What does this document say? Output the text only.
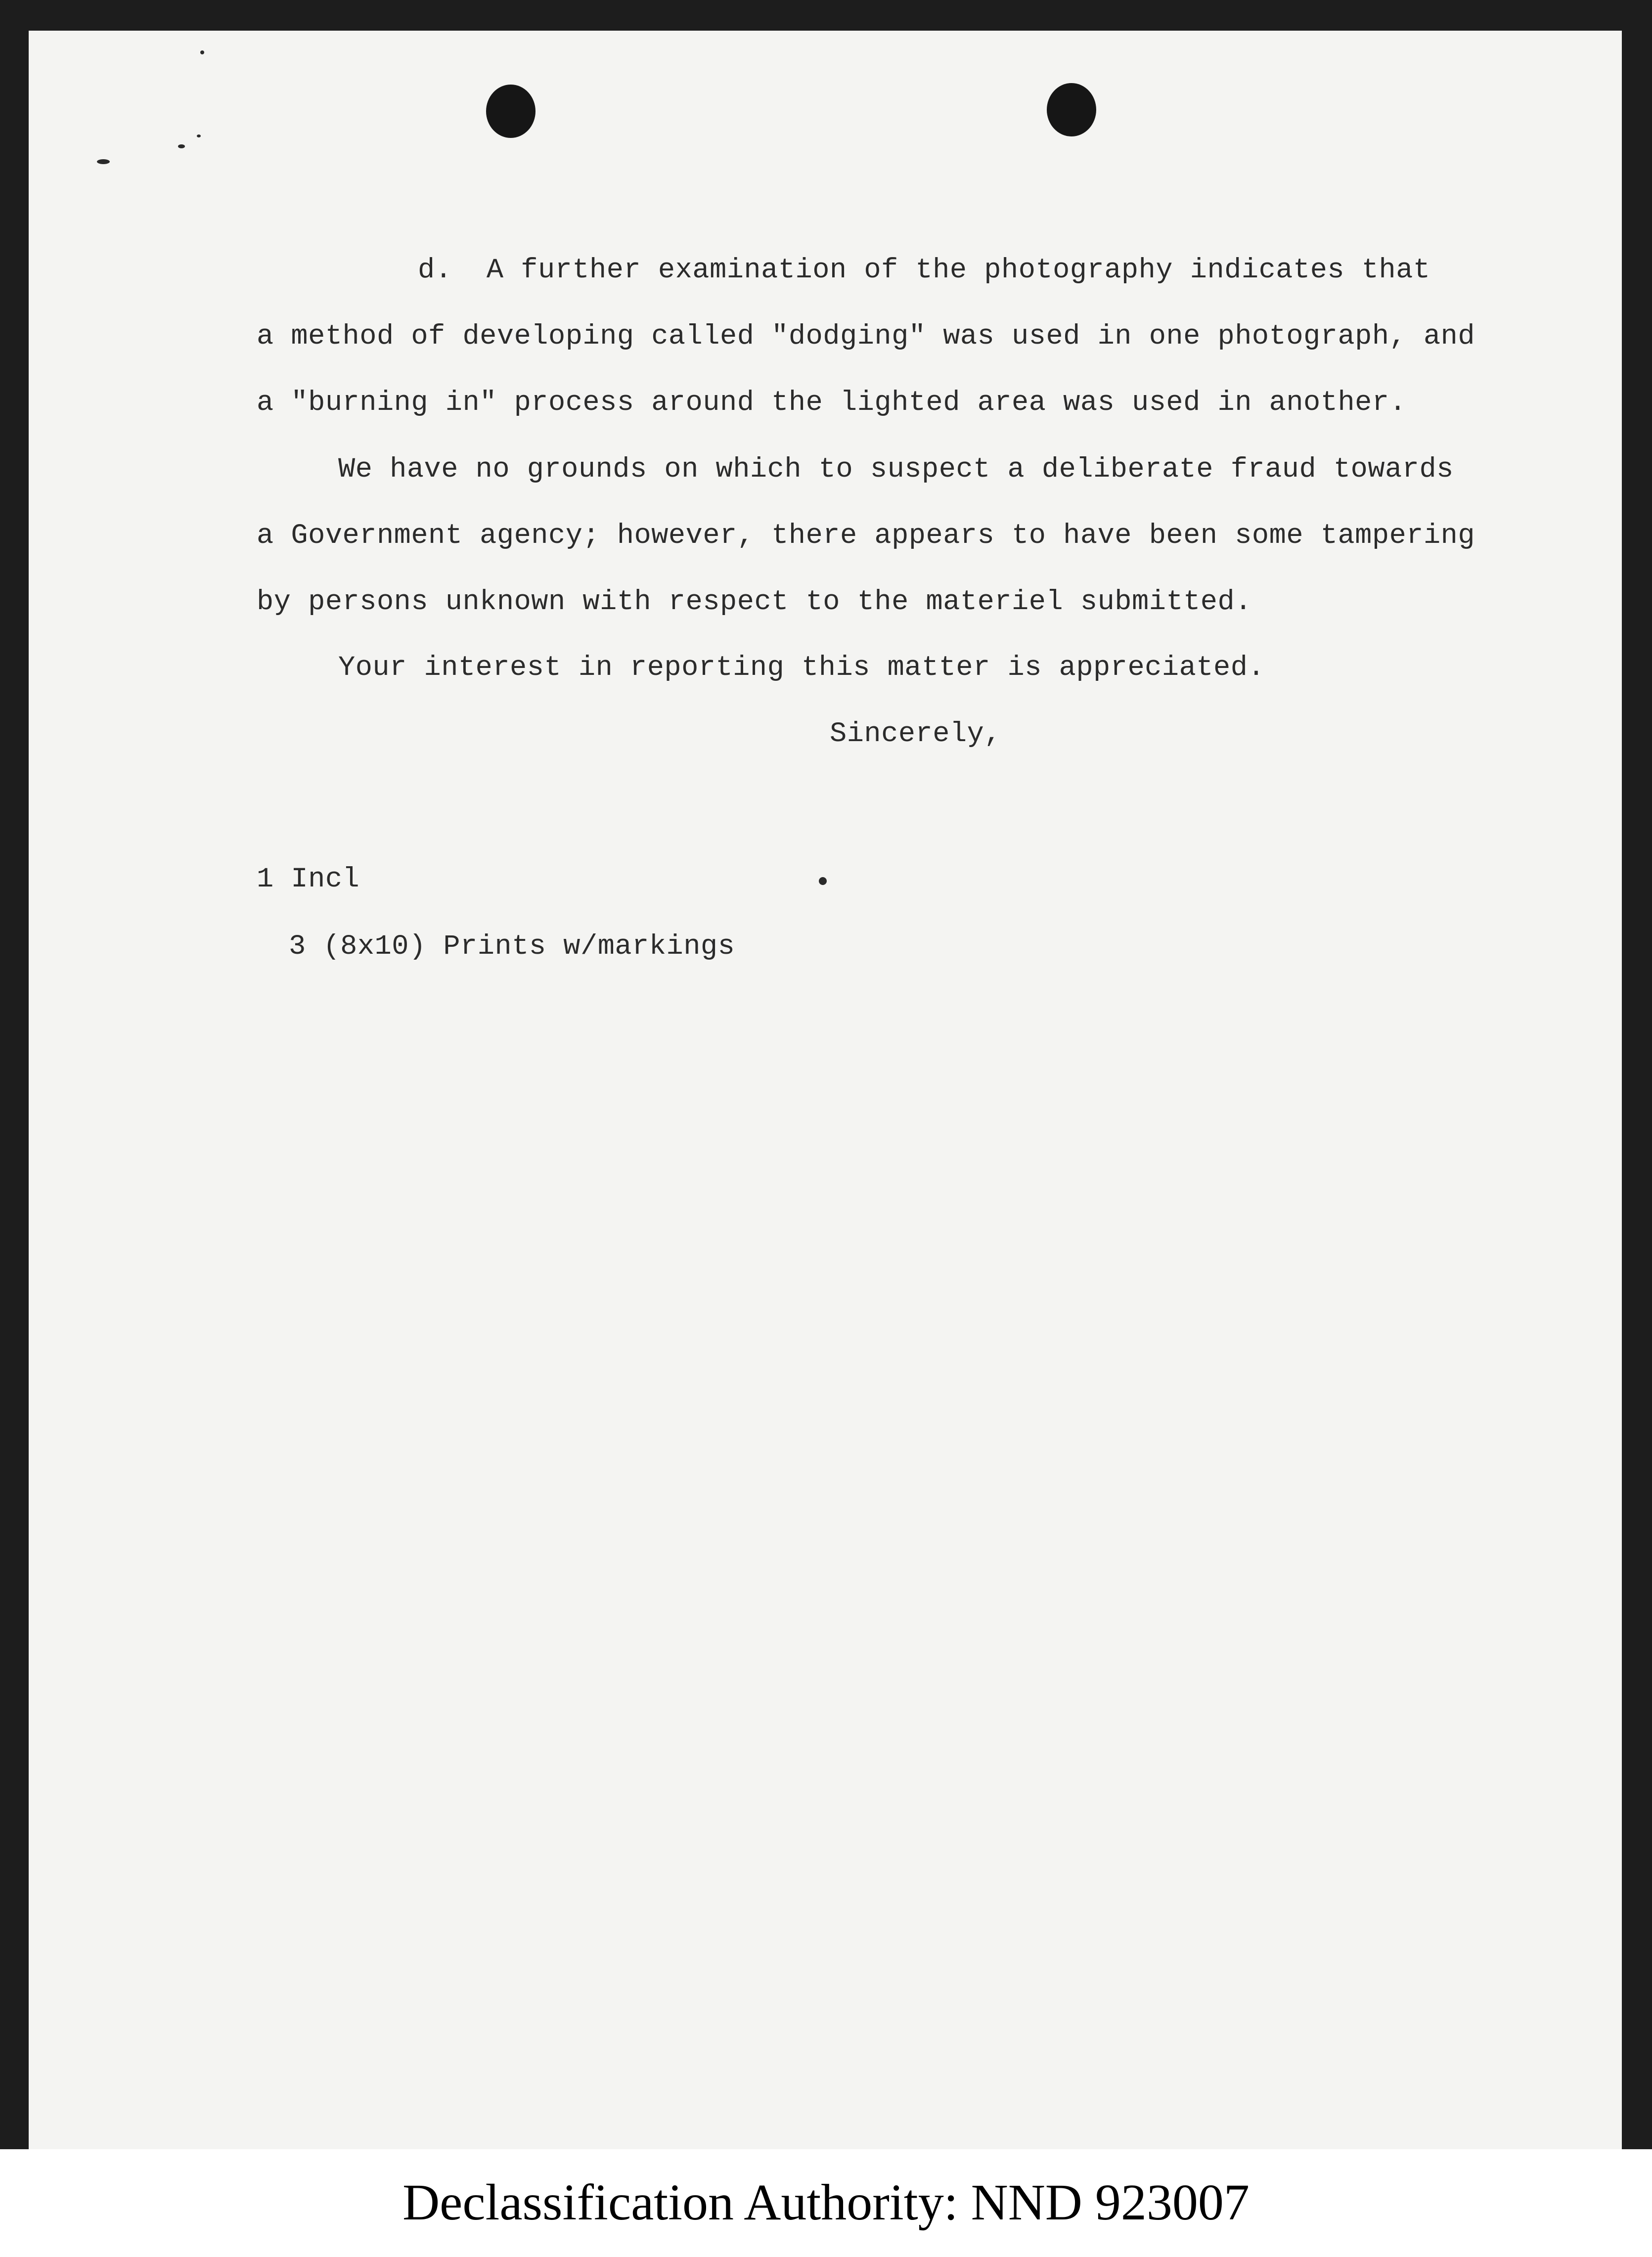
d.  A further examination of the photography indicates that
a method of developing called "dodging" was used in one photograph, and
a "burning in" process around the lighted area was used in another.
We have no grounds on which to suspect a deliberate fraud towards
a Government agency; however, there appears to have been some tampering
by persons unknown with respect to the materiel submitted.
Your interest in reporting this matter is appreciated.
Sincerely,
1 Incl
3 (8x10) Prints w/markings
Declassification Authority: NND 923007
